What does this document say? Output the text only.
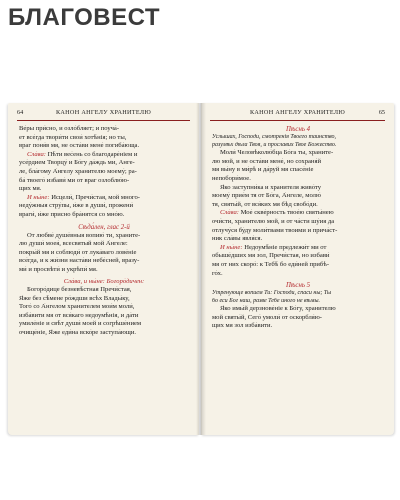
БЛАГОВЕСТ
64	КАНОН АНГЕЛУ ХРАНИТЕЛЮ
Ве́ры при́сно, и озло́бляет; и поуча́-
ет все́гда твори́ти свои́ хотѣ́нія; но ты,
враг поня́в мя, не оста́ви мене́ погиба́юща.
Сла́ва: Пѣ́ти вес́ень со благодаре́ніем и
усе́рдием Творцу́ и Бо́гу да́ждь ми, Анге-
ле, бла́гому А́нгелу хранителю моему́; ра-
ба́ твоего́ избави́ ми от враг озлоблю́ю-
щих мя.
И ны́не: Исцели́, Пречи́стая, мой много-
неду́жныя стру́пы, и́же в души́, прожени́
враги́, и́же присно бра́нятся со мно́ю.
Сѣда́лен, глас 2-й
От любве́ душе́вныя вопию́ ти, храните-
лю души́ моея́, всесвятый мой А́нгеле:
покры́й мя и соблюди́ от лука́ваго лове́ніе
все́гда, и к жи́зни наста́ви небе́сней, вразу-
ми́ и просвѣти́ и укрѣпи́ мя.
Сла́ва, и ны́не: Богоро́дичен:
Богоро́дице безневѣ́стная Пречи́стая,
Я́же без сѣ́мене ро́ждши всѣх Влады́ку,
Того́ со А́нгелом хранителем мои́м моли́,
изба́вити мя от вся́каго недоумѣ́нія, и да́ти
умиле́ніе и свѣ́т души́ моей и согрѣше́нием
очище́ніе, Я́же еди́на вско́ре заступа́ющи.
КАНОН АНГЕЛУ ХРАНИТЕЛЮ	65
Пѣснь 4
Услы́шах, Го́споди, смотре́нія Твоего́ та́инство,
разумѣ́х дѣла́ Твоя́, и просла́вих Твое́ Божество́.
Моли́ Человѣколю́бца Бо́га ты, храните-
лю мой, и не оста́ви мене́, но сохраня́й
мя вы́ну в ми́рѣ и да́руй мя спасе́ніе
непобори́мое.
Я́ко заступни́ка и хранителя живо́ту
моему́ прие́м тя от Бо́га, А́нгеле, молю́
тя, святы́й, от вся́ких мя бѣд свобо́ди.
Сла́ва: Мое́ скве́рность твое́ю святы́нею
очи́сти, хранителю мой, и от ча́сти шу́ия да
отлучу́ся бу́ду моли́твами твоими и прича́ст-
ник сла́вы явля́ся.
И ны́не: Недоумѣ́ніе предлежи́т ми от
обыше́дших мя зол, Пречи́стая, но избави́
мя от них скоро́: к Тебѣ́ бо еди́ней прибѣ-
го́х.
Пѣснь 5
Утрену́юще вопие́м Ти: Го́споди, спаси́ ны; Ты
бо еси́ Бог наш, ра́зве Тебе́ ино́го не вѣ́мы.
Я́ко имы́й дерзнове́ніе к Бо́гу, хранителю
мой святы́й, Сего́ умоли́ от оскорбля́ю-
щих мя зол изба́вити.
